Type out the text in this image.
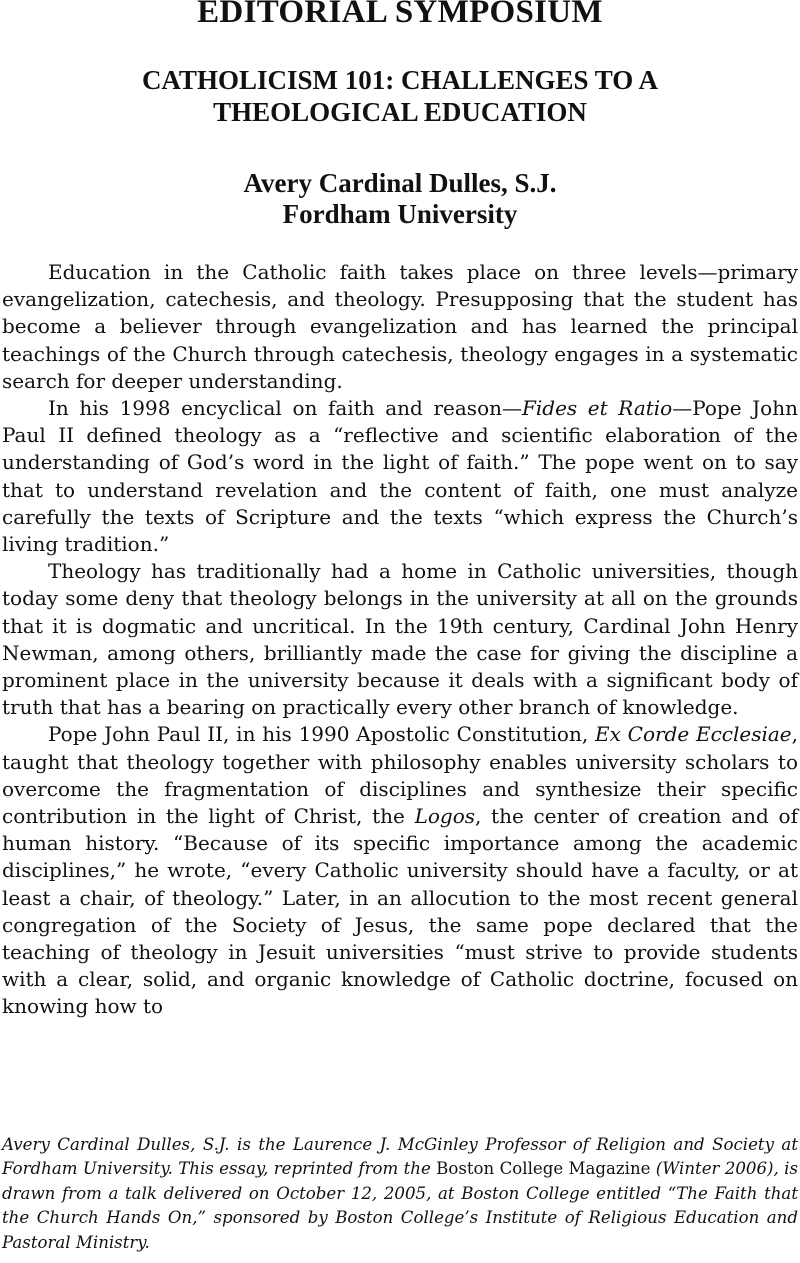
EDITORIAL SYMPOSIUM
CATHOLICISM 101: CHALLENGES TO A
THEOLOGICAL EDUCATION
Avery Cardinal Dulles, S.J.
Fordham University

Education in the Catholic faith takes place on three levels—primary evangelization, catechesis, and theology. Presupposing that the student has become a believer through evangelization and has learned the principal teachings of the Church through catechesis, theology engages in a systematic search for deeper understanding.

In his 1998 encyclical on faith and reason—Fides et Ratio—Pope John Paul II defined theology as a “reflective and scientific elaboration of the understanding of God’s word in the light of faith.” The pope went on to say that to understand revelation and the content of faith, one must analyze carefully the texts of Scripture and the texts “which express the Church’s living tradition.”

Theology has traditionally had a home in Catholic universities, though today some deny that theology belongs in the university at all on the grounds that it is dogmatic and uncritical. In the 19th century, Cardinal John Henry Newman, among others, brilliantly made the case for giving the discipline a prominent place in the university because it deals with a significant body of truth that has a bearing on practically every other branch of knowledge.

Pope John Paul II, in his 1990 Apostolic Constitution, Ex Corde Ecclesiae, taught that theology together with philosophy enables university scholars to overcome the fragmentation of disciplines and synthesize their specific contribution in the light of Christ, the Logos, the center of creation and of human history. “Because of its specific importance among the academic disciplines,” he wrote, “every Catholic university should have a faculty, or at least a chair, of theology.” Later, in an allocution to the most recent general congregation of the Society of Jesus, the same pope declared that the teaching of theology in Jesuit universities “must strive to provide students with a clear, solid, and organic knowledge of Catholic doctrine, focused on knowing how to

Avery Cardinal Dulles, S.J. is the Laurence J. McGinley Professor of Religion and Society at Fordham University. This essay, reprinted from the Boston College Magazine (Winter 2006), is drawn from a talk delivered on October 12, 2005, at Boston College entitled “The Faith that the Church Hands On,” sponsored by Boston College’s Institute of Religious Education and Pastoral Ministry.
